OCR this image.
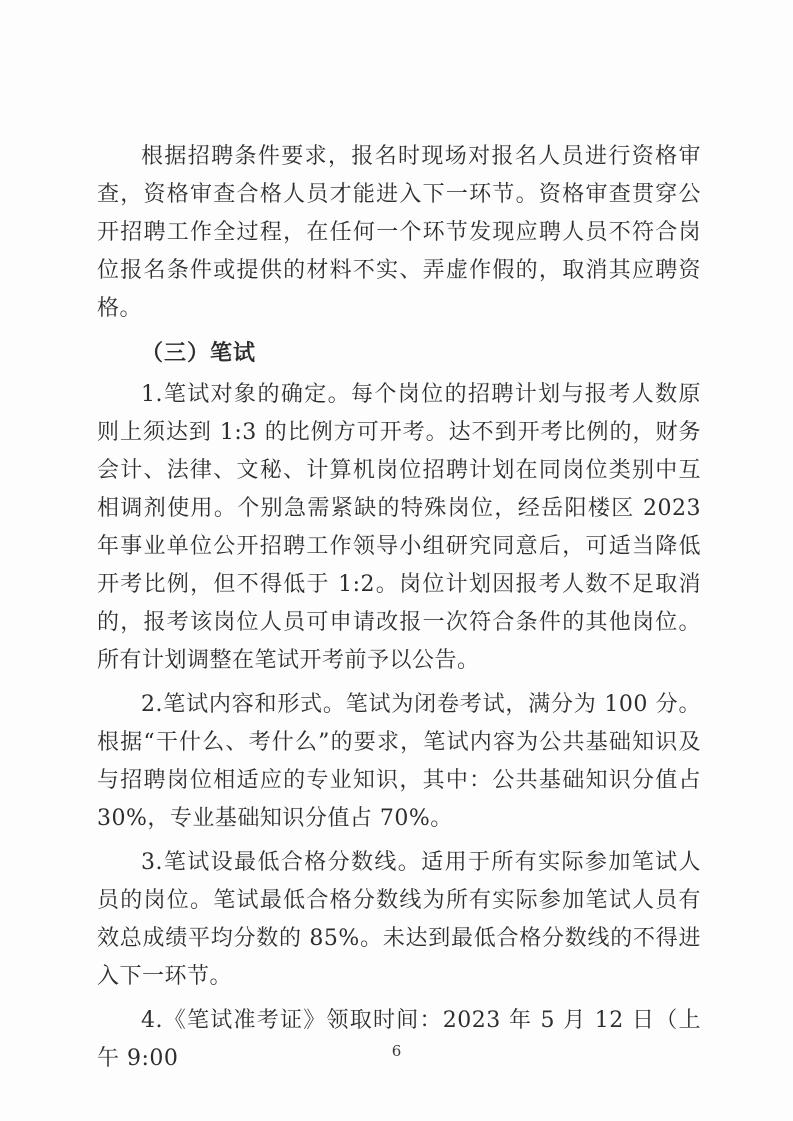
根据招聘条件要求，报名时现场对报名人员进行资格审查，资格审查合格人员才能进入下一环节。资格审查贯穿公开招聘工作全过程，在任何一个环节发现应聘人员不符合岗位报名条件或提供的材料不实、弄虚作假的，取消其应聘资格。

（三）笔试

1.笔试对象的确定。每个岗位的招聘计划与报考人数原则上须达到 1:3 的比例方可开考。达不到开考比例的，财务会计、法律、文秘、计算机岗位招聘计划在同岗位类别中互相调剂使用。个别急需紧缺的特殊岗位，经岳阳楼区 2023 年事业单位公开招聘工作领导小组研究同意后，可适当降低开考比例，但不得低于 1:2。岗位计划因报考人数不足取消的，报考该岗位人员可申请改报一次符合条件的其他岗位。所有计划调整在笔试开考前予以公告。

2.笔试内容和形式。笔试为闭卷考试，满分为 100 分。根据“干什么、考什么”的要求，笔试内容为公共基础知识及与招聘岗位相适应的专业知识，其中：公共基础知识分值占 30%，专业基础知识分值占 70%。

3.笔试设最低合格分数线。适用于所有实际参加笔试人员的岗位。笔试最低合格分数线为所有实际参加笔试人员有效总成绩平均分数的 85%。未达到最低合格分数线的不得进入下一环节。

4.《笔试准考证》领取时间：2023 年 5 月 12 日（上午 9:00	6
